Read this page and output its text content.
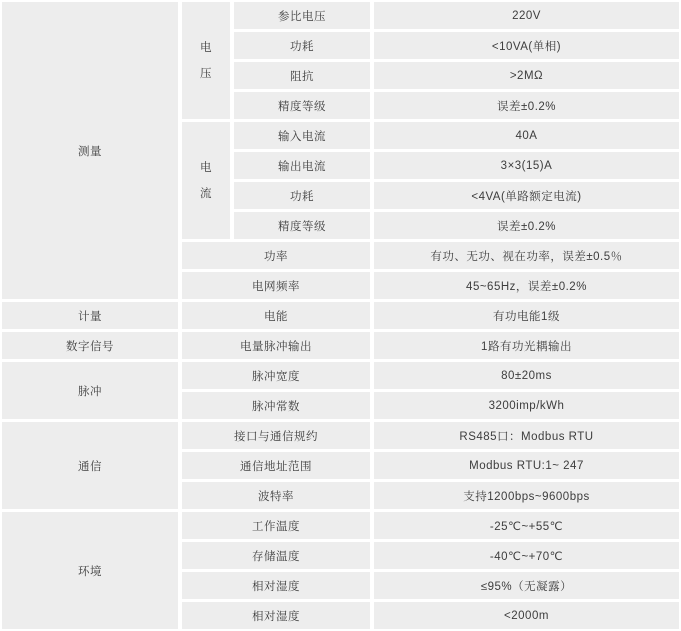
测量
计量
数字信号
脉冲
通信
环境
电压
电流
参比电压
功耗
阻抗
精度等级
输入电流
输出电流
功耗
精度等级
功率
电网频率
电能
电量脉冲输出
脉冲宽度
脉冲常数
接口与通信规约
通信地址范围
波特率
工作温度
存储温度
相对湿度
相对湿度
220V
<10VA(单相)
>2MΩ
误差±0.2%
40A
3×3(15)A
<4VA(单路额定电流)
误差±0.2%
有功、无功、视在功率，误差±0.5％
45~65Hz，误差±0.2%
有功电能1级
1路有功光耦输出
80±20ms
3200imp/kWh
RS485口：Modbus RTU
Modbus RTU:1~ 247
支持1200bps~9600bps
-25℃~+55℃
-40℃~+70℃
≤95%（无凝露）
<2000m
